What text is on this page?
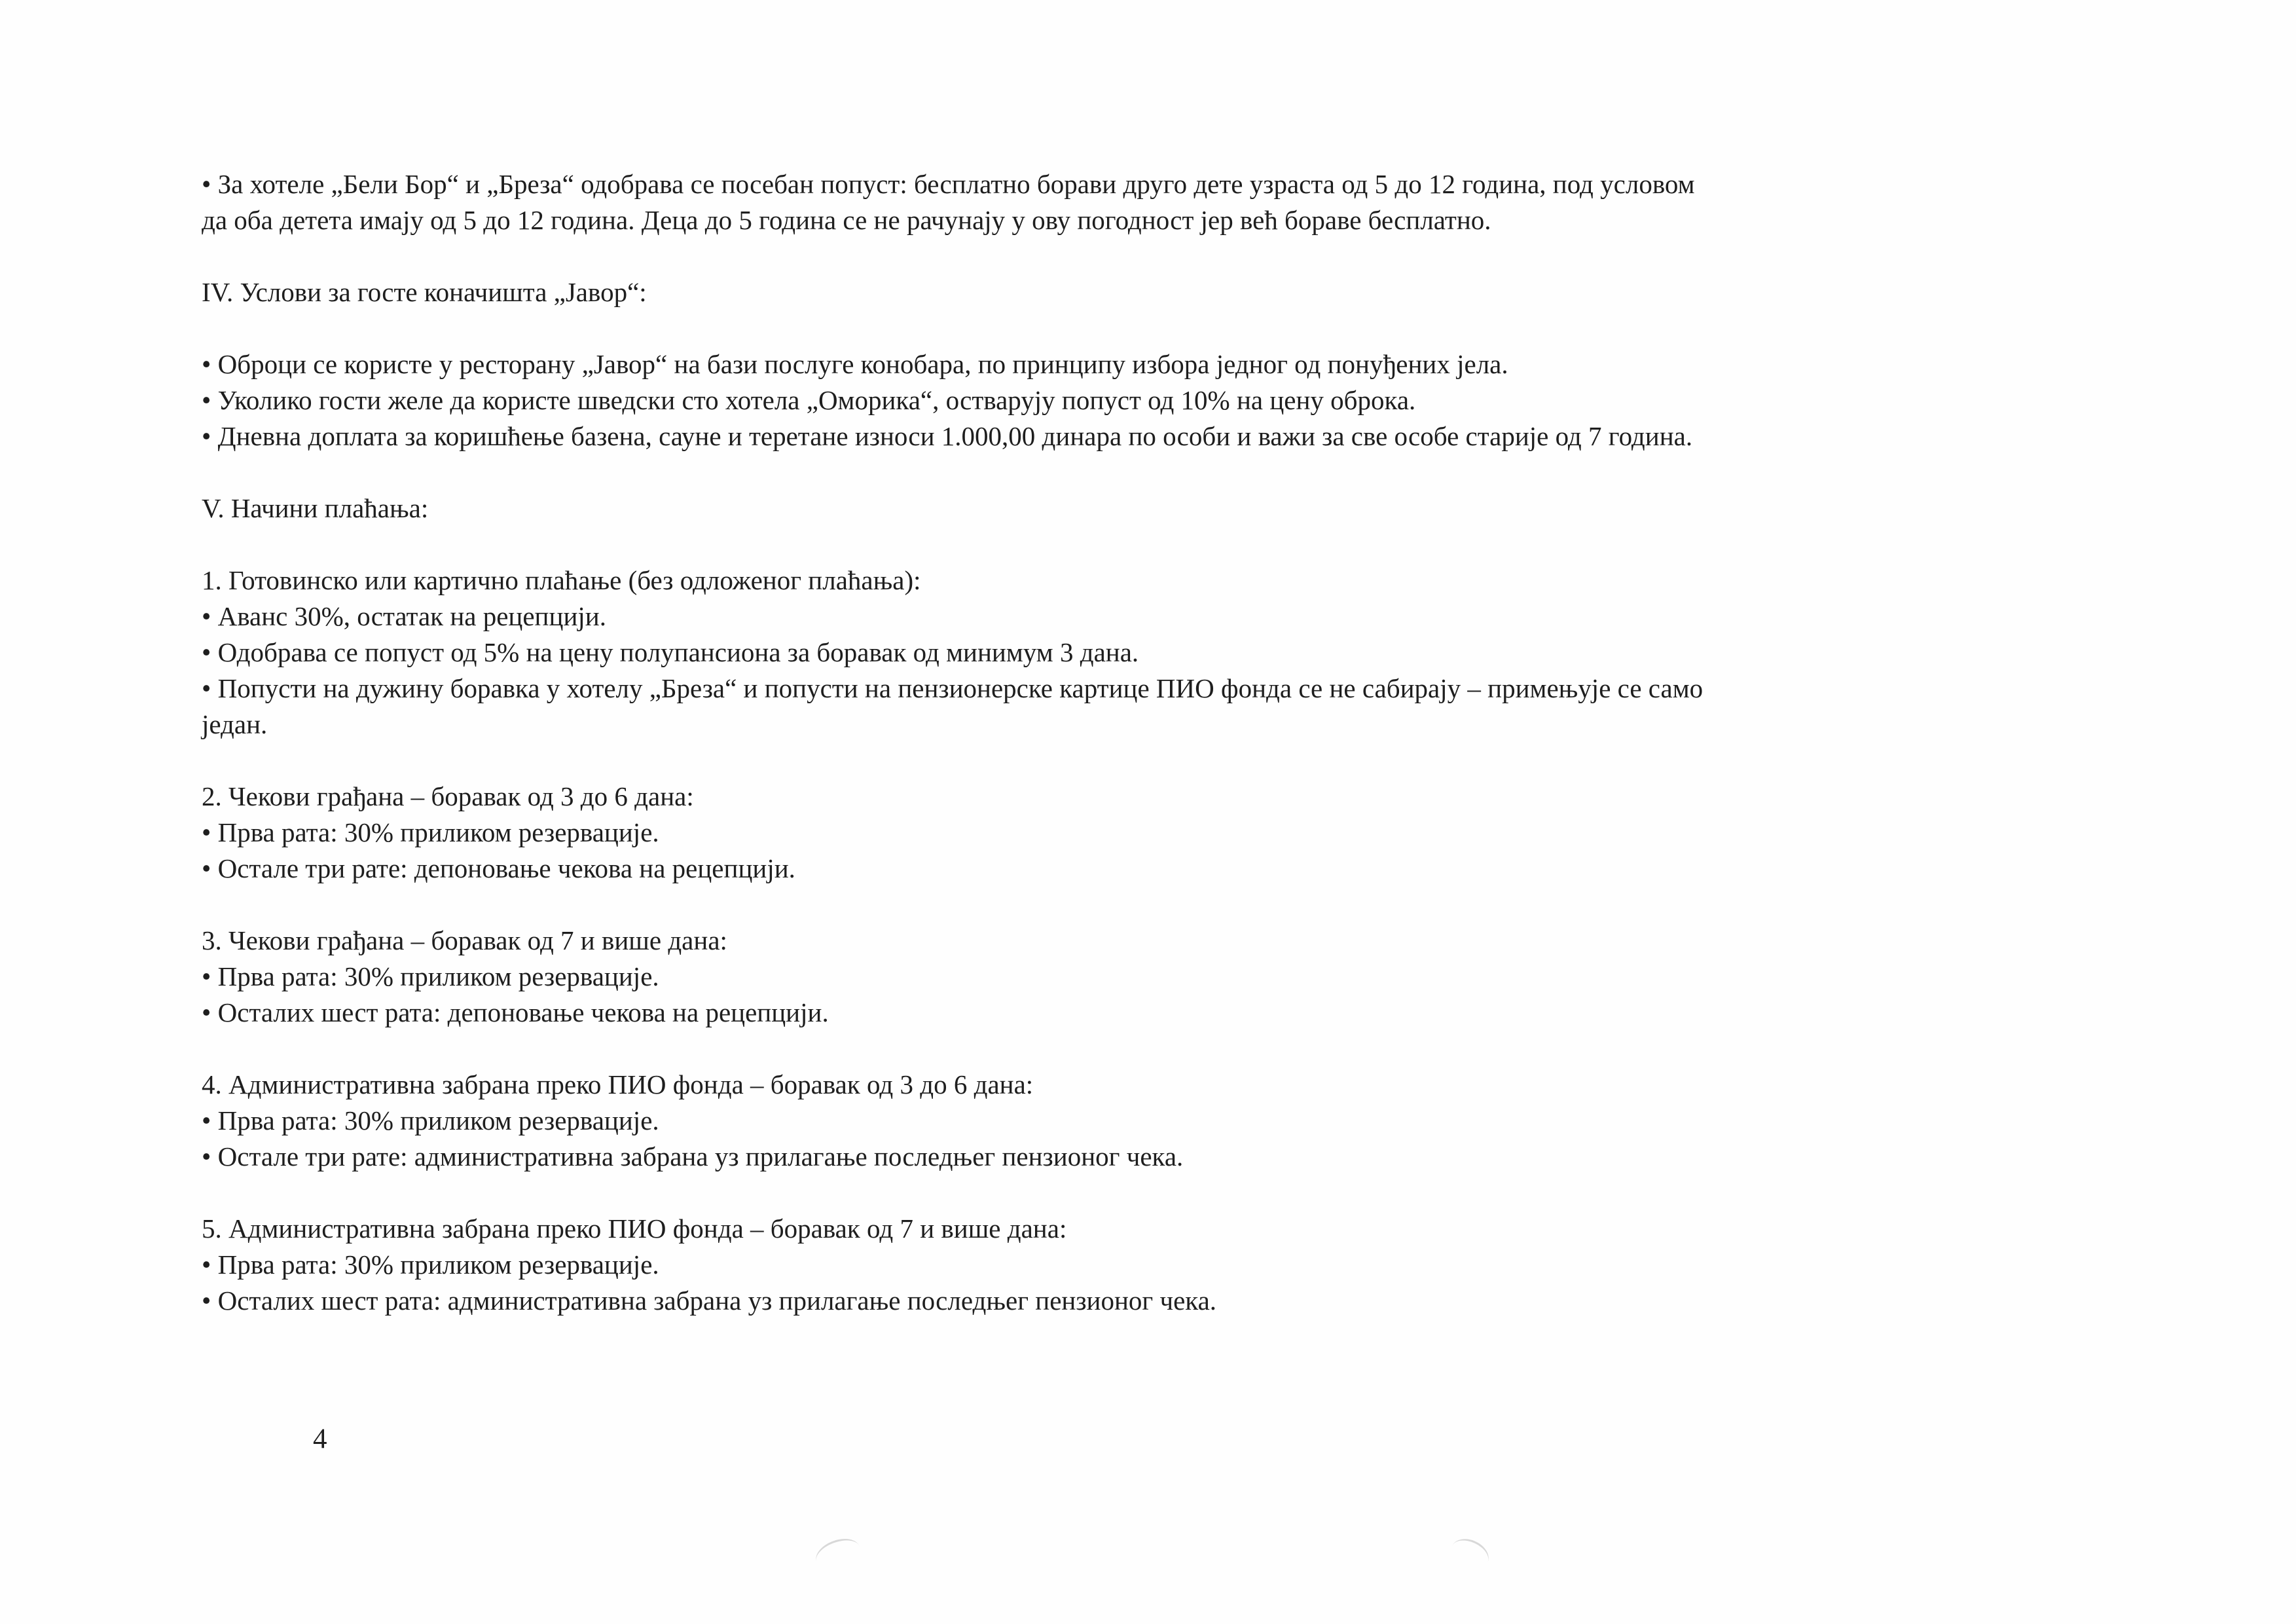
• За хотеле „Бели Бор“ и „Бреза“ одобрава се посебан попуст: бесплатно борави друго дете узраста од 5 до 12 година, под условом

да оба детета имају од 5 до 12 година. Деца до 5 година се не рачунају у ову погодност јер већ бораве бесплатно.

IV. Услови за госте коначишта „Јавор“:

• Оброци се користе у ресторану „Јавор“ на бази послуге конобара, по принципу избора једног од понуђених јела.

• Уколико гости желе да користе шведски сто хотела „Оморика“, остварују попуст од 10% на цену оброка.

• Дневна доплата за коришћење базена, сауне и теретане износи 1.000,00 динара по особи и важи за све особе старије од 7 година.

V. Начини плаћања:

1. Готовинско или картично плаћање (без одложеног плаћања):

• Аванс 30%, остатак на рецепцији.

• Одобрава се попуст од 5% на цену полупансиона за боравак од минимум 3 дана.

• Попусти на дужину боравка у хотелу „Бреза“ и попусти на пензионерске картице ПИО фонда се не сабирају – примењује се само

један.

2. Чекови грађана – боравак од 3 до 6 дана:

• Прва рата: 30% приликом резервације.

• Остале три рате: депоновање чекова на рецепцији.

3. Чекови грађана – боравак од 7 и више дана:

• Прва рата: 30% приликом резервације.

• Осталих шест рата: депоновање чекова на рецепцији.

4. Административна забрана преко ПИО фонда – боравак од 3 до 6 дана:

• Прва рата: 30% приликом резервације.

• Остале три рате: административна забрана уз прилагање последњег пензионог чека.

5. Административна забрана преко ПИО фонда – боравак од 7 и више дана:

• Прва рата: 30% приликом резервације.

• Осталих шест рата: административна забрана уз прилагање последњег пензионог чека.

4
